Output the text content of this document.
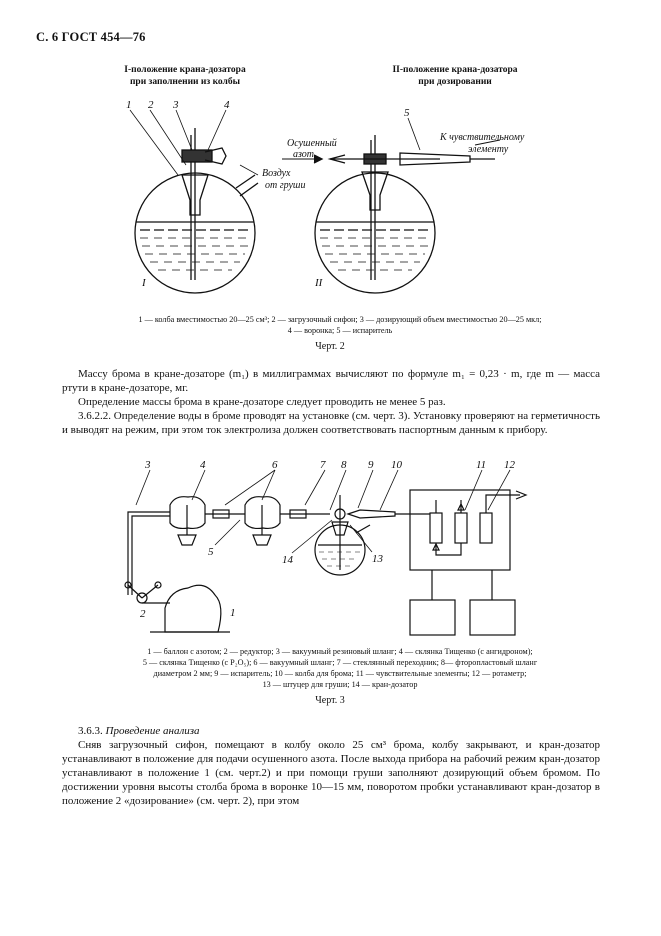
С. 6 ГОСТ 454—76
I-положение крана-дозатора
при заполнении из колбы
II-положение крана-дозатора
при дозировании
1 2 3	4
Воздух
от груши
I
5
Осушенный
азот
К чувствительному
элементу
II
3	4	6	7 8 9 10	11 12
5
14	13
2	1
1 — колба вместимостью 20—25 см³; 2 — загрузочный сифон; 3 — дозирующий объем вместимостью 20—25 мкл;
4 — воронка; 5 — испаритель
Черт. 2
Массу брома в кране-дозаторе (m₁) в миллиграммах вычисляют по формуле m₁ = 0,23 · m, где m — масса ртути в кране-дозаторе, мг.
Определение массы брома в кране-дозаторе следует проводить не менее 5 раз.
3.6.2.2. Определение воды в броме проводят на установке (см. черт. 3). Установку проверяют на герметичность и выводят на режим, при этом ток электролиза должен соответствовать паспортным данным к прибору.
1 — баллон с азотом; 2 — редуктор; 3 — вакуумный резиновый шланг; 4 — склянка Тищенко (с ангидроном);
5 — склянка Тищенко (с P₂O₅); 6 — вакуумный шланг; 7 — стеклянный переходник; 8— фторопластовый шланг
диаметром 2 мм; 9 — испаритель; 10 — колба для брома; 11 — чувствительные элементы; 12 — ротаметр;
13 — штуцер для груши; 14 — кран-дозатор
Черт. 3
3.6.3. Проведение анализа
Сняв загрузочный сифон, помещают в колбу около 25 см³ брома, колбу закрывают, и кран-дозатор устанавливают в положение для подачи осушенного азота. После выхода прибора на рабочий режим кран-дозатор устанавливают в положение 1 (см. черт.2) и при помощи груши заполняют дозирующий объем бромом. По достижении уровня высоты столба брома в воронке 10—15 мм, поворотом пробки устанавливают кран-дозатор в положение 2 «дозирование» (см. черт. 2), при этом
